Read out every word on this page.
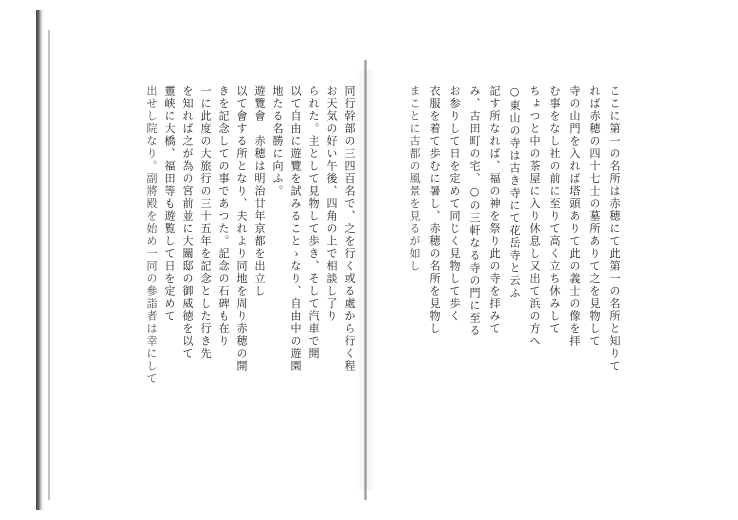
同行幹部の三四百名で、之を行く或る處から行く程
お天気の好い午後、四角の上で相談し了り
られた。主として見物して歩き、そして汽車で開
以て自由に遊覽を試みることゝなり、自由中の遊園
地たる名勝に向ふ。
遊覽會　赤穂は明治廿年京都を出立し
以て會する所となり、夫れより同地を周り赤穂の開
きを記念しての事であつた。記念の石碑も在り
一に此度の大旅行の三十五年を記念とした行き先
を知れば之が為の宮前並に大關邸の御威徳を以て
靈峡に大橋、福田等も遊覧して日を定めて
出せし院なり。副將殿を始め一同の參詣者は幸にして	ここに第一の名所は赤穂にて此第一の名所と知りて
れば赤穂の四十七士の墓所ありて之を見物して
寺の山門を入れば塔頭ありて此の義士の像を拝
む事をなし社の前に至りて高く立ち休みして
ちょつと中の茶屋に入り休息し又出て浜の方へ
○東山の寺は古き寺にて花岳寺と云ふ
記す所なれば、福の神を祭り此の寺を拝みて
み、古田町の宅、○の三軒なる寺の門に至る
お参りして日を定めて同じく見物して歩く
衣服を着て歩むに暑し、赤穂の名所を見物し
まことに古都の風景を見るが如し
